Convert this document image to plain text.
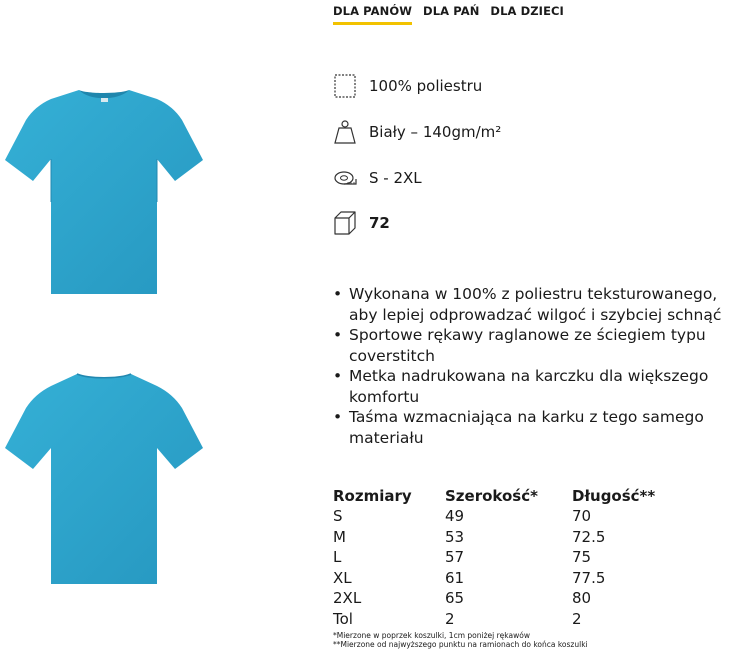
DLA PANÓW DLA PAŃ DLA DZIECI
100% poliestru
Biały – 140gm/m²
S - 2XL
72
• Wykonana w 100% z poliestru teksturowanego, aby lepiej odprowadzać wilgoć i szybciej schnąć
• Sportowe rękawy raglanowe ze ściegiem typu coverstitch
• Metka nadrukowana na karczku dla większego komfortu
• Taśma wzmacniająca na karku z tego samego materiału
Rozmiary	Szerokość*	Długość**
S	49	70
M	53	72.5
L	57	75
XL	61	77.5
2XL	65	80
Tol	2	2
*Mierzone w poprzek koszulki, 1cm poniżej rękawów
**Mierzone od najwyższego punktu na ramionach do końca koszulki
